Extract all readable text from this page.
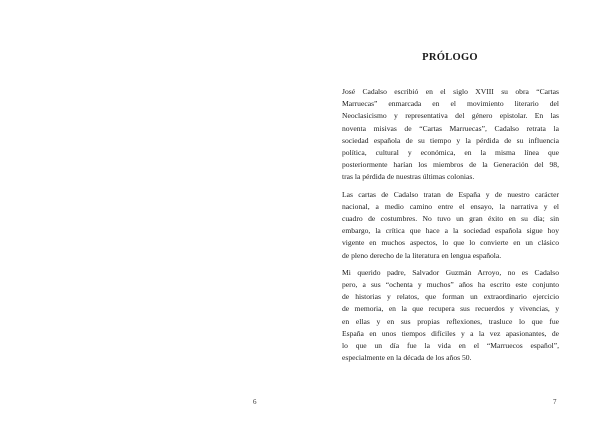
6
PRÓLOGO

José Cadalso escribió en el siglo XVIII su obra “Cartas
Marruecas” enmarcada en el movimiento literario del
Neoclasicismo y representativa del género epistolar. En las
noventa misivas de “Cartas Marruecas”, Cadalso retrata la
sociedad española de su tiempo y la pérdida de su influencia
política, cultural y económica, en la misma línea que
posteriormente harían los miembros de la Generación del 98,
tras la pérdida de nuestras últimas colonias.

Las cartas de Cadalso tratan de España y de nuestro carácter
nacional, a medio camino entre el ensayo, la narrativa y el
cuadro de costumbres. No tuvo un gran éxito en su día; sin
embargo, la crítica que hace a la sociedad española sigue hoy
vigente en muchos aspectos, lo que lo convierte en un clásico
de pleno derecho de la literatura en lengua española.

Mi querido padre, Salvador Guzmán Arroyo, no es Cadalso
pero, a sus “ochenta y muchos” años ha escrito este conjunto
de historias y relatos, que forman un extraordinario ejercicio
de memoria, en la que recupera sus recuerdos y vivencias, y
en ellas y en sus propias reflexiones, trasluce lo que fue
España en unos tiempos difíciles y a la vez apasionantes, de
lo que un día fue la vida en el “Marruecos español”,
especialmente en la década de los años 50.

7
